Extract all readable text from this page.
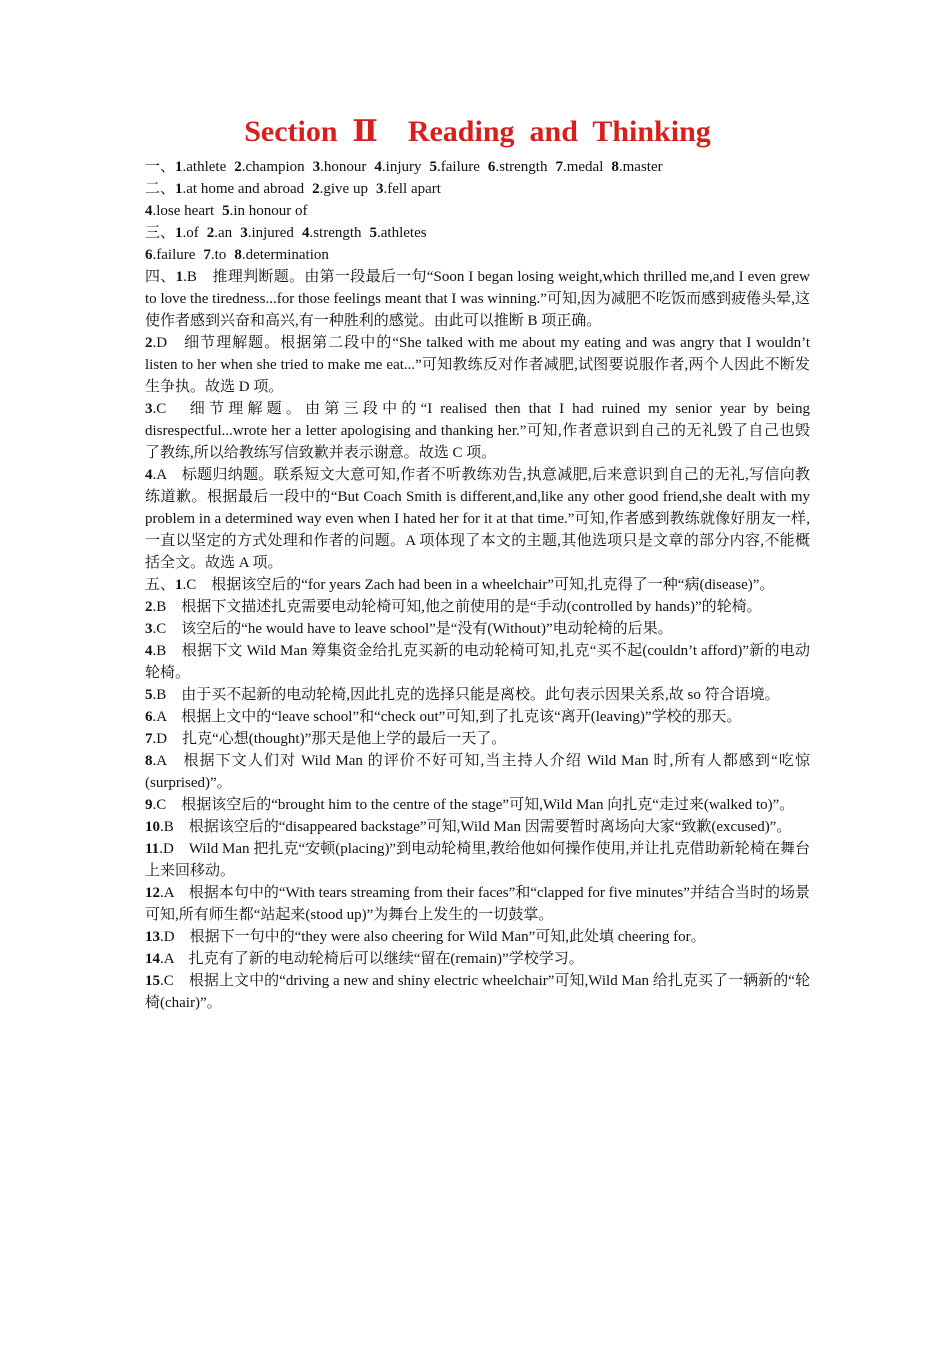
Section  Ⅱ    Reading  and  Thinking
一、1.athlete 2.champion 3.honour 4.injury 5.failure 6.strength 7.medal 8.master
二、1.at home and abroad 2.give up 3.fell apart
4.lose heart 5.in honour of
三、1.of 2.an 3.injured 4.strength 5.athletes
6.failure 7.to 8.determination
四、1.B　推理判断题。由第一段最后一句“Soon I began losing weight,which thrilled me,and I even grew to love the tiredness...for those feelings meant that I was winning.”可知,因为减肥不吃饭而感到疲倦头晕,这使作者感到兴奋和高兴,有一种胜利的感觉。由此可以推断 B 项正确。
2.D　细节理解题。根据第二段中的“She talked with me about my eating and was angry that I wouldn’t listen to her when she tried to make me eat...”可知教练反对作者减肥,试图要说服作者,两个人因此不断发生争执。故选 D 项。
3.C　细节理解题。由第三段中的“I realised then that I had ruined my senior year by being disrespectful...wrote her a letter apologising and thanking her.”可知,作者意识到自己的无礼毁了自己也毁了教练,所以给教练写信致歉并表示谢意。故选 C 项。
4.A　标题归纳题。联系短文大意可知,作者不听教练劝告,执意减肥,后来意识到自己的无礼,写信向教练道歉。根据最后一段中的“But Coach Smith is different,and,like any other good friend,she dealt with my problem in a determined way even when I hated her for it at that time.”可知,作者感到教练就像好朋友一样,一直以坚定的方式处理和作者的问题。A 项体现了本文的主题,其他选项只是文章的部分内容,不能概括全文。故选 A 项。
五、1.C　根据该空后的“for years Zach had been in a wheelchair”可知,扎克得了一种“病(disease)”。
2.B　根据下文描述扎克需要电动轮椅可知,他之前使用的是“手动(controlled by hands)”的轮椅。
3.C　该空后的“he would have to leave school”是“没有(Without)”电动轮椅的后果。
4.B　根据下文 Wild Man 筹集资金给扎克买新的电动轮椅可知,扎克“买不起(couldn’t afford)”新的电动轮椅。
5.B　由于买不起新的电动轮椅,因此扎克的选择只能是离校。此句表示因果关系,故 so 符合语境。
6.A　根据上文中的“leave school”和“check out”可知,到了扎克该“离开(leaving)”学校的那天。
7.D　扎克“心想(thought)”那天是他上学的最后一天了。
8.A　根据下文人们对 Wild Man 的评价不好可知,当主持人介绍 Wild Man 时,所有人都感到“吃惊(surprised)”。
9.C　根据该空后的“brought him to the centre of the stage”可知,Wild Man 向扎克“走过来(walked to)”。
10.B　根据该空后的“disappeared backstage”可知,Wild Man 因需要暂时离场向大家“致歉(excused)”。
11.D　Wild Man 把扎克“安顿(placing)”到电动轮椅里,教给他如何操作使用,并让扎克借助新轮椅在舞台上来回移动。
12.A　根据本句中的“With tears streaming from their faces”和“clapped for five minutes”并结合当时的场景可知,所有师生都“站起来(stood up)”为舞台上发生的一切鼓掌。
13.D　根据下一句中的“they were also cheering for Wild Man”可知,此处填 cheering for。
14.A　扎克有了新的电动轮椅后可以继续“留在(remain)”学校学习。
15.C　根据上文中的“driving a new and shiny electric wheelchair”可知,Wild Man 给扎克买了一辆新的“轮椅(chair)”。
